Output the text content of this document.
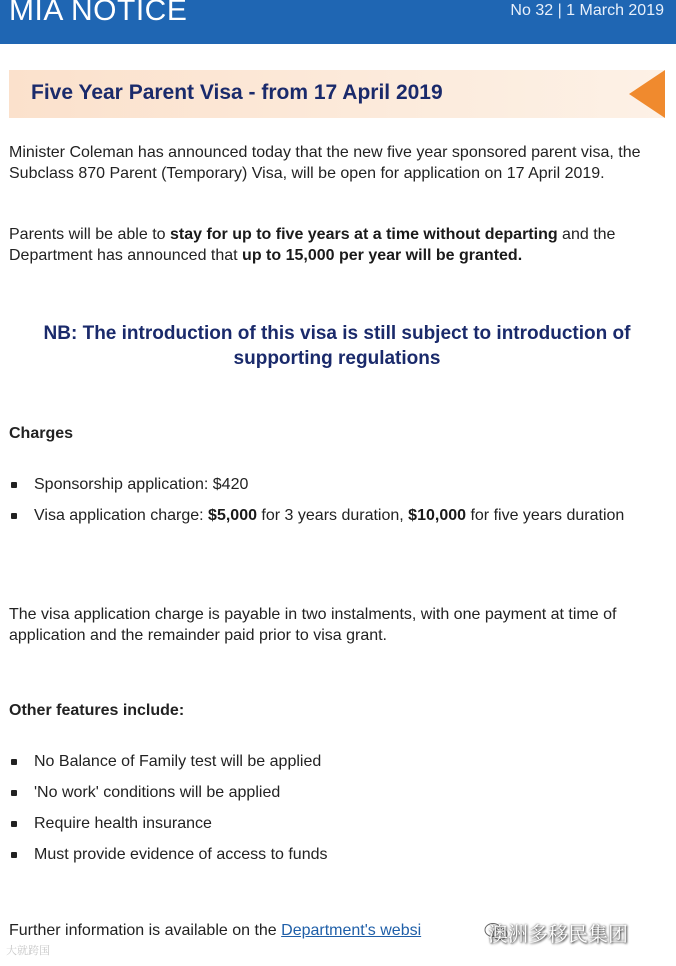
MIA NOTICE	No 32 | 1 March 2019
Five Year Parent Visa - from 17 April 2019
Minister Coleman has announced today that the new five year sponsored parent visa, the Subclass 870 Parent (Temporary) Visa, will be open for application on 17 April 2019.
Parents will be able to stay for up to five years at a time without departing and the Department has announced that up to 15,000 per year will be granted.
NB: The introduction of this visa is still subject to introduction of
supporting regulations
Charges
Sponsorship application: $420
Visa application charge: $5,000 for 3 years duration, $10,000 for five years duration
The visa application charge is payable in two instalments, with one payment at time of application and the remainder paid prior to visa grant.
Other features include:
No Balance of Family test will be applied
'No work' conditions will be applied
Require health insurance
Must provide evidence of access to funds
Further information is available on the Department's websi	澳洲多移民集团
大就跨国
